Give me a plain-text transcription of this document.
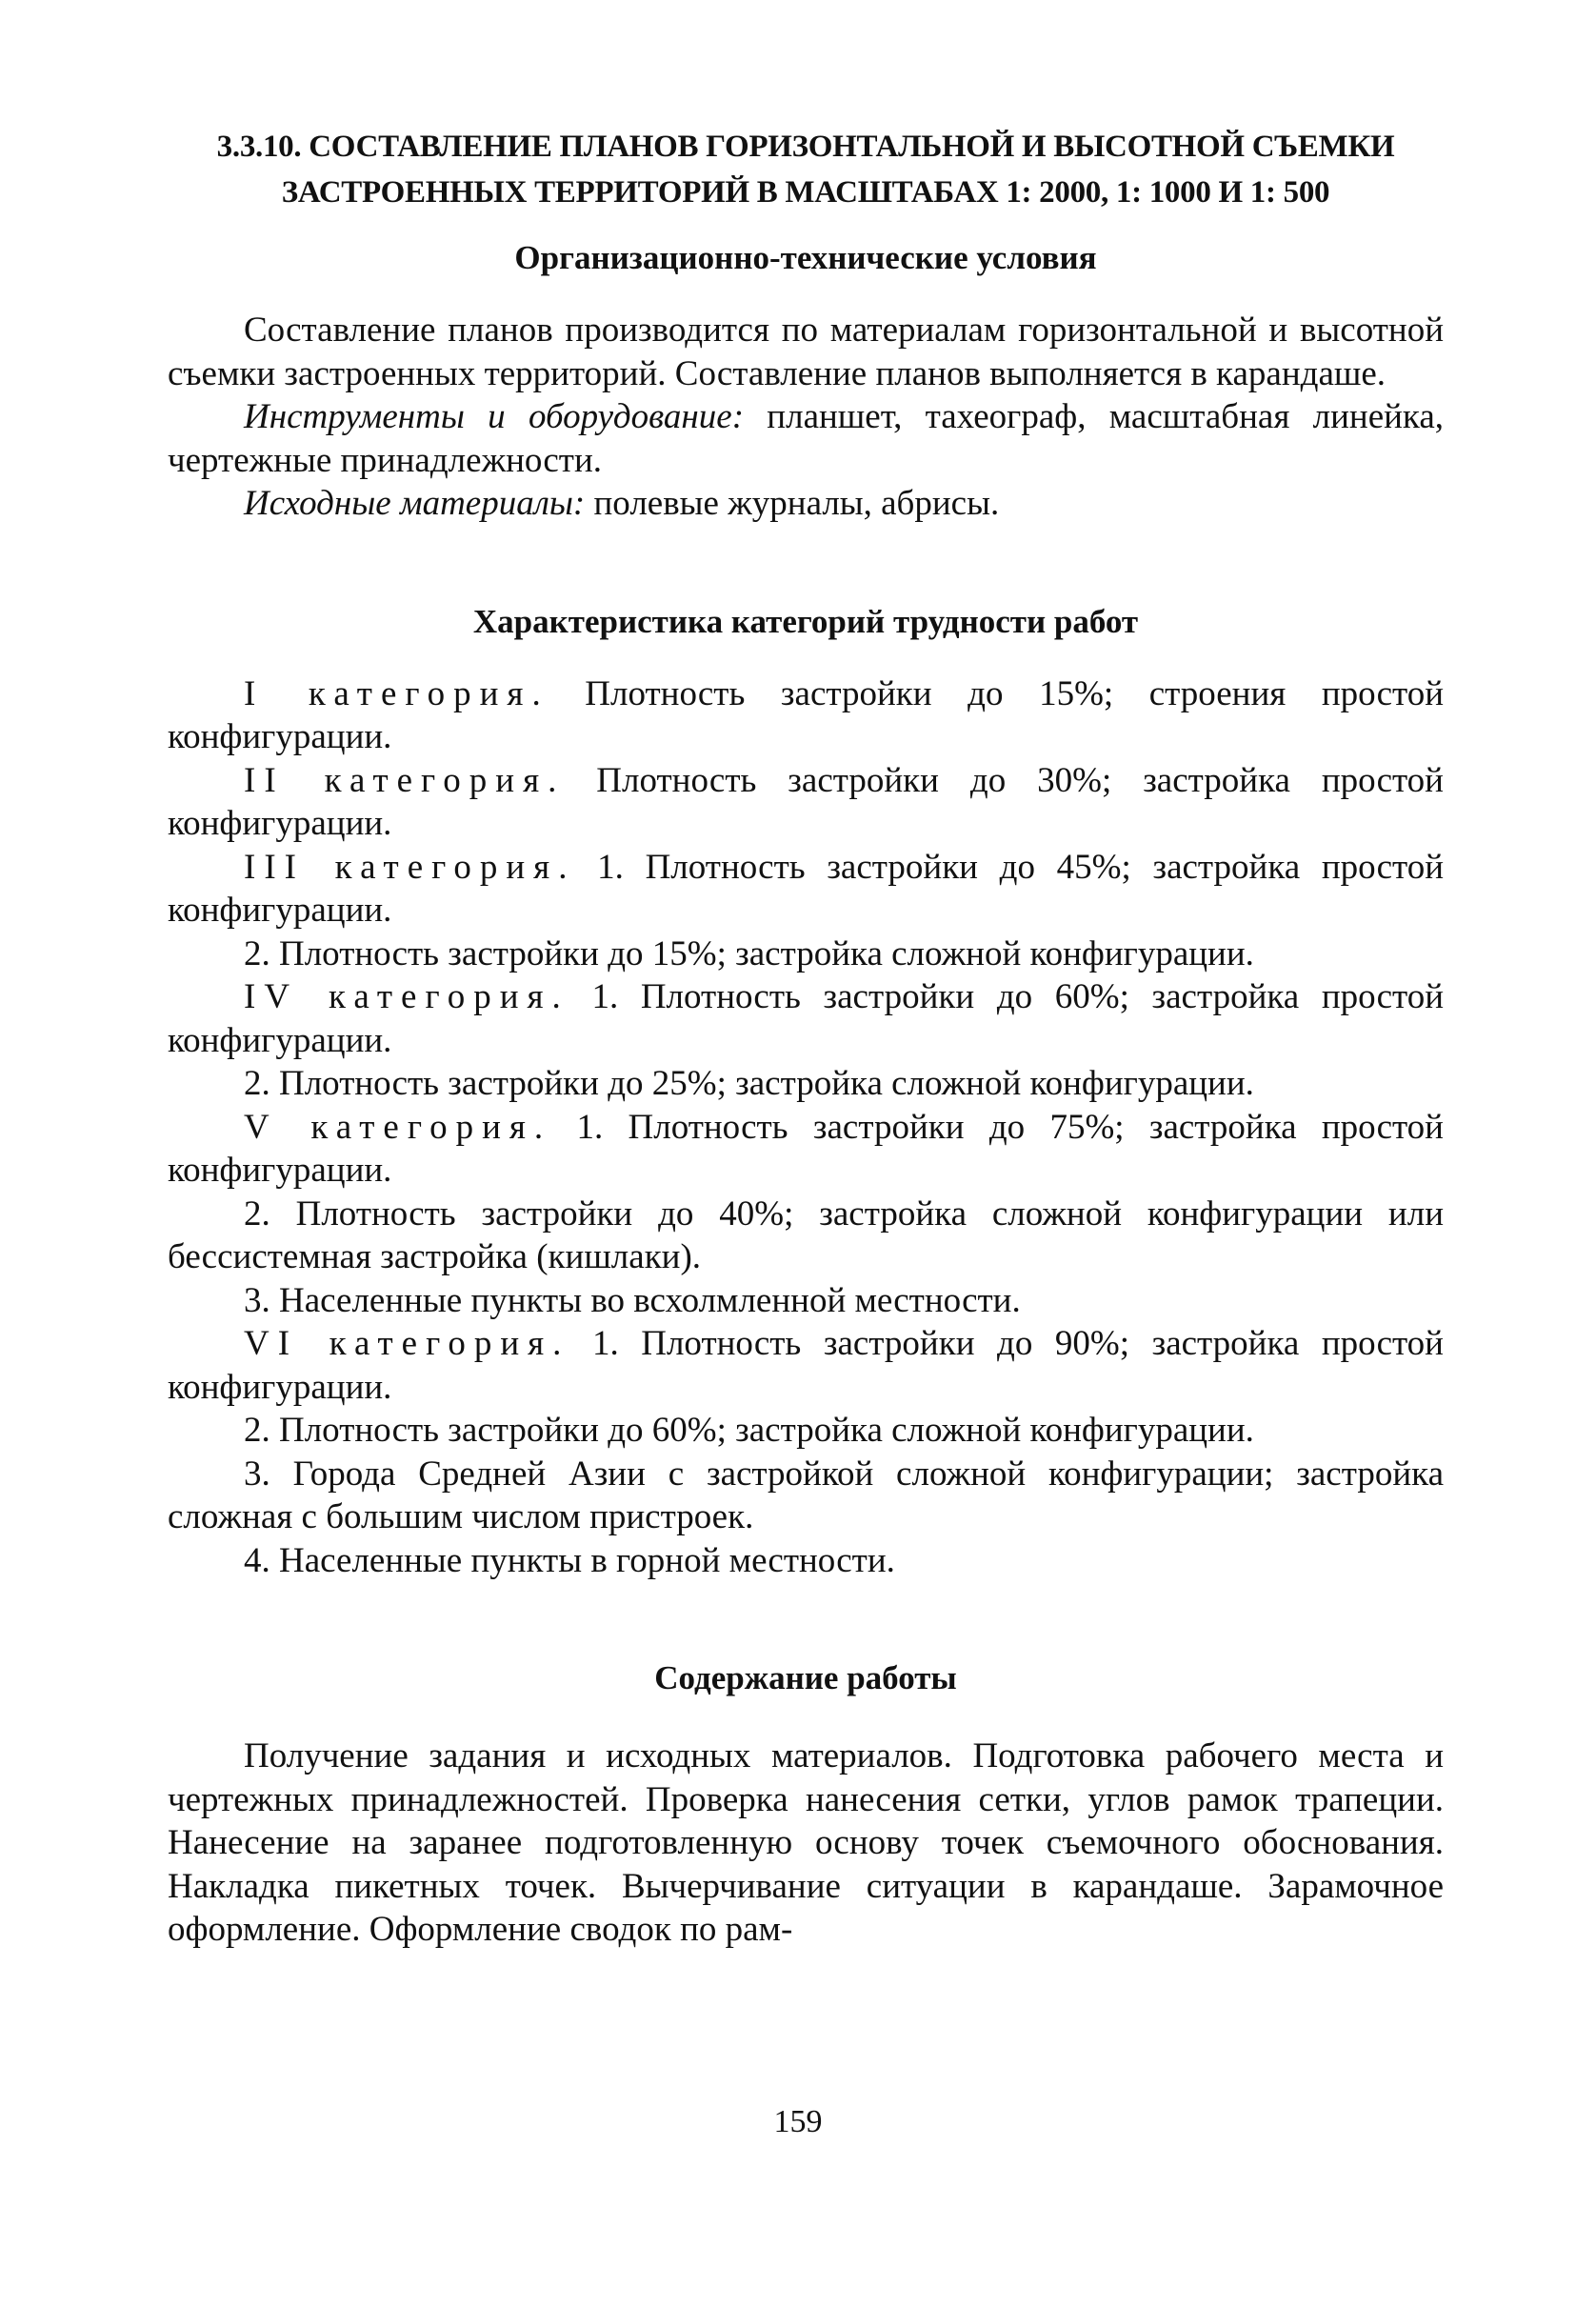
3.3.10. СОСТАВЛЕНИЕ ПЛАНОВ ГОРИЗОНТАЛЬНОЙ И ВЫСОТНОЙ СЪЕМКИ

ЗАСТРОЕННЫХ ТЕРРИТОРИЙ В МАСШТАБАХ 1: 2000, 1: 1000 И 1: 500

Организационно-технические условия

Составление планов производится по материалам горизонтальной и высотной съемки застроенных территорий. Составление планов выполняется в карандаше.

Инструменты и оборудование: планшет, тахеограф, масштабная линейка, чертежные принадлежности.

Исходные материалы: полевые журналы, абрисы.

Характеристика категорий трудности работ

I категория. Плотность застройки до 15%; строения простой конфигурации.

II категория. Плотность застройки до 30%; застройка простой конфигурации.

III категория. 1. Плотность застройки до 45%; застройка простой конфигурации.

2. Плотность застройки до 15%; застройка сложной конфигурации.

IV категория. 1. Плотность застройки до 60%; застройка простой конфигурации.

2. Плотность застройки до 25%; застройка сложной конфигурации.

V категория. 1. Плотность застройки до 75%; застройка простой конфигурации.

2. Плотность застройки до 40%; застройка сложной конфигурации или бессистемная застройка (кишлаки).

3. Населенные пункты во всхолмленной местности.

VI категория. 1. Плотность застройки до 90%; застройка простой конфигурации.

2. Плотность застройки до 60%; застройка сложной конфигурации.

3. Города Средней Азии с застройкой сложной конфигурации; застройка сложная с большим числом пристроек.

4. Населенные пункты в горной местности.

Содержание работы

Получение задания и исходных материалов. Подготовка рабочего места и чертежных принадлежностей. Проверка нанесения сетки, углов рамок трапеции. Нанесение на заранее подготовленную основу точек съемочного обоснования. Накладка пикетных точек. Вычерчивание ситуации в карандаше. Зарамочное оформление. Оформление сводок по рам-

159
